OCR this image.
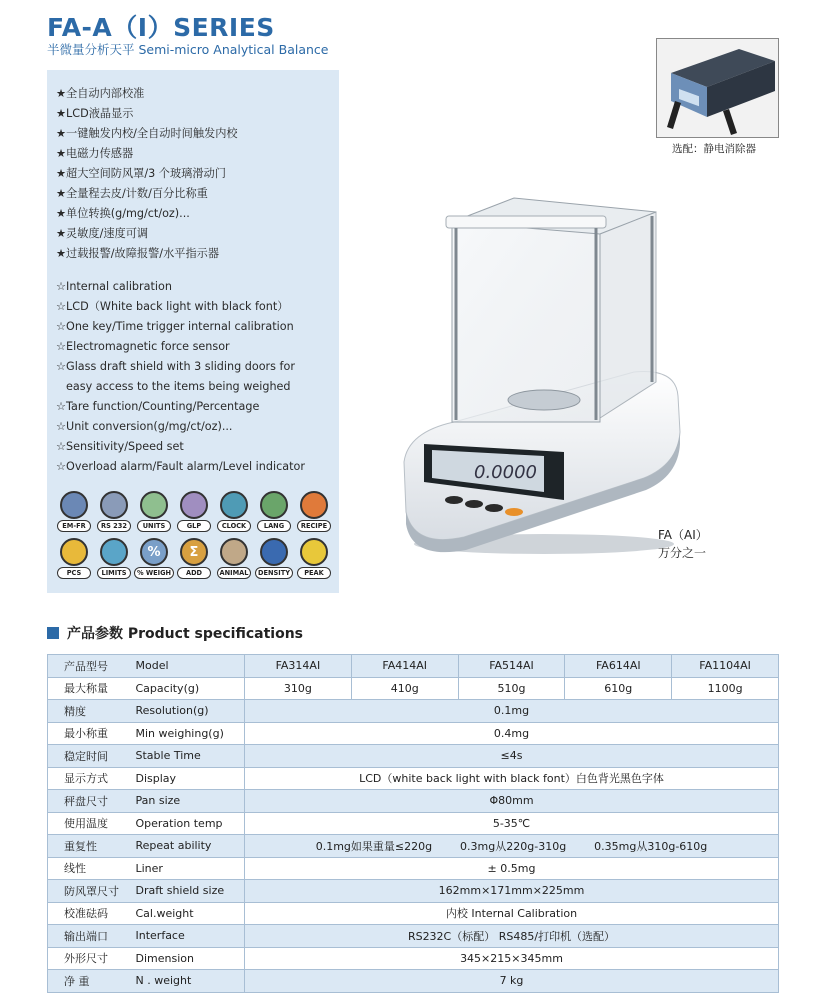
FA-A（I）SERIES
半微量分析天平 Semi-micro Analytical Balance
★全自动内部校准
★LCD液晶显示
★一键触发内校/全自动时间触发内校
★电磁力传感器
★超大空间防风罩/3 个玻璃滑动门
★全量程去皮/计数/百分比称重
★单位转换(g/mg/ct/oz)...
★灵敏度/速度可调
★过载报警/故障报警/水平指示器
☆Internal calibration
☆LCD（White back light with black font）
☆One key/Time trigger internal calibration
☆Electromagnetic force sensor
☆Glass draft shield with 3 sliding doors for
easy access to the items being weighed
☆Tare function/Counting/Percentage
☆Unit conversion(g/mg/ct/oz)...
☆Sensitivity/Speed set
☆Overload alarm/Fault alarm/Level indicator
EM-FR	RS 232	UNITS	GLP	CLOCK	LANG	RECIPE
PCS	LIMITS
%
% WEIGH
Σ
ADD	ANIMAL	DENSITY	PEAK
选配：静电消除器
0.0000
FA（AI）
万分之一
产品参数 Product specifications
产品型号	Model	FA314AI	FA414AI	FA514AI	FA614AI	FA1104AI
最大称量	Capacity(g)	310g	410g	510g	610g	1100g
精度	Resolution(g)	0.1mg				
最小称重	Min weighing(g)	0.4mg				
稳定时间	Stable Time	≤4s				
显示方式	Display	LCD（white back light with black font）白色背光黑色字体				
秤盘尺寸	Pan size	Φ80mm				
使用温度	Operation temp	5-35℃				
重复性	Repeat ability	0.1mg如果重量≤220g        0.3mg从220g-310g        0.35mg从310g-610g				
线性	Liner	± 0.5mg				
防风罩尺寸	Draft shield size	162mm×171mm×225mm				
校准砝码	Cal.weight	内校 Internal Calibration				
输出端口	Interface	RS232C（标配） RS485/打印机（选配）				
外形尺寸	Dimension	345×215×345mm				
净 重	N . weight	7 kg				
